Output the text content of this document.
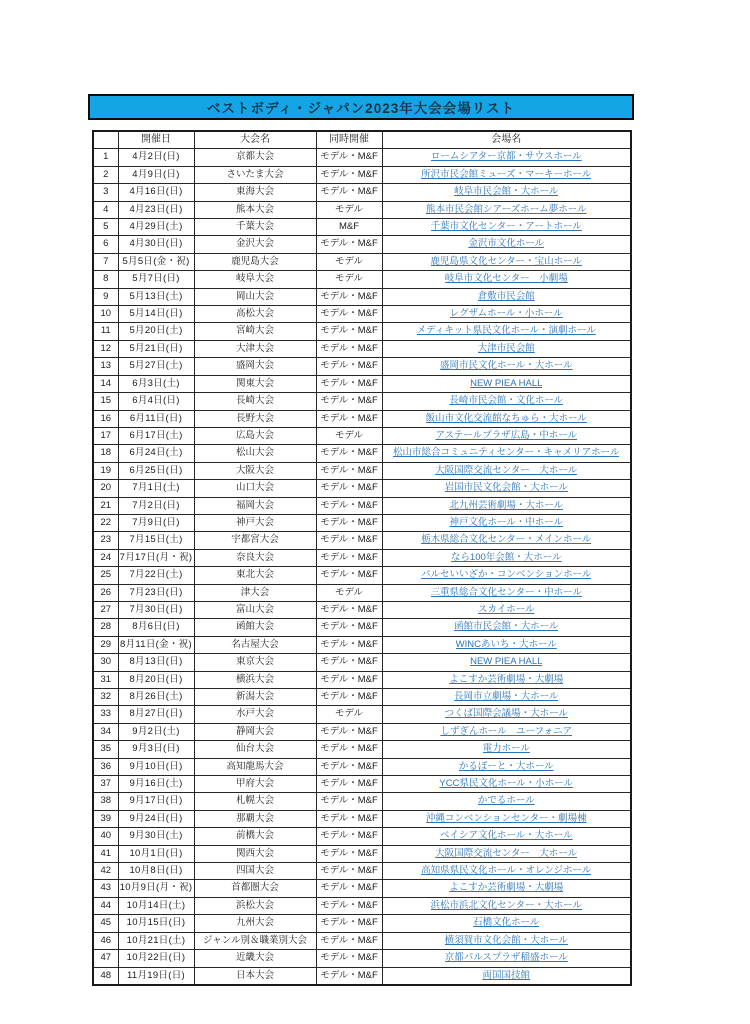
ベストボディ・ジャパン2023年大会会場リスト
	開催日	大会名	同時開催	会場名
1	4月2日(日)	京都大会	モデル・M&F	ロームシアター京都・サウスホール
2	4月9日(日)	さいたま大会	モデル・M&F	所沢市民会館ミューズ・マーキーホール
3	4月16日(日)	東海大会	モデル・M&F	岐阜市民会館・大ホール
4	4月23日(日)	熊本大会	モデル	熊本市民会館シアーズホーム夢ホール
5	4月29日(土)	千葉大会	M&F	千葉市文化センター・アートホール
6	4月30日(日)	金沢大会	モデル・M&F	金沢市文化ホール
7	5月5日(金・祝)	鹿児島大会	モデル	鹿児島県文化センター・宝山ホール
8	5月7日(日)	岐阜大会	モデル	岐阜市文化センター　小劇場
9	5月13日(土)	岡山大会	モデル・M&F	倉敷市民会館
10	5月14日(日)	高松大会	モデル・M&F	レグザムホール・小ホール
11	5月20日(土)	宮崎大会	モデル・M&F	メディキット県民文化ホール・演劇ホール
12	5月21日(日)	大津大会	モデル・M&F	大津市民会館
13	5月27日(土)	盛岡大会	モデル・M&F	盛岡市民文化ホール・大ホール
14	6月3日(土)	関東大会	モデル・M&F	NEW PIEA HALL
15	6月4日(日)	長崎大会	モデル・M&F	長崎市民会館・文化ホール
16	6月11日(日)	長野大会	モデル・M&F	飯山市文化交流館なちゅら・大ホール
17	6月17日(土)	広島大会	モデル	アステールプラザ広島・中ホール
18	6月24日(土)	松山大会	モデル・M&F	松山市総合コミュニティセンター・キャメリアホール
19	6月25日(日)	大阪大会	モデル・M&F	大阪国際交流センター　大ホール
20	7月1日(土)	山口大会	モデル・M&F	岩国市民文化会館・大ホール
21	7月2日(日)	福岡大会	モデル・M&F	北九州芸術劇場・大ホール
22	7月9日(日)	神戸大会	モデル・M&F	神戸文化ホール・中ホール
23	7月15日(土)	宇都宮大会	モデル・M&F	栃木県総合文化センター・メインホール
24	7月17日(月・祝)	奈良大会	モデル・M&F	なら100年会館・大ホール
25	7月22日(土)	東北大会	モデル・M&F	パルセいいざか・コンベンションホール
26	7月23日(日)	津大会	モデル	三重県総合文化センター・中ホール
27	7月30日(日)	富山大会	モデル・M&F	スカイホール
28	8月6日(日)	函館大会	モデル・M&F	函館市民会館・大ホール
29	8月11日(金・祝)	名古屋大会	モデル・M&F	WINCあいち・大ホール
30	8月13日(日)	東京大会	モデル・M&F	NEW PIEA HALL
31	8月20日(日)	横浜大会	モデル・M&F	よこすか芸術劇場・大劇場
32	8月26日(土)	新潟大会	モデル・M&F	長岡市立劇場・大ホール
33	8月27日(日)	水戸大会	モデル	つくば国際会議場・大ホール
34	9月2日(土)	静岡大会	モデル・M&F	しずぎんホール　ユーフォニア
35	9月3日(日)	仙台大会	モデル・M&F	電力ホール
36	9月10日(日)	高知龍馬大会	モデル・M&F	かるぽーと・大ホール
37	9月16日(土)	甲府大会	モデル・M&F	YCC県民文化ホール・小ホール
38	9月17日(日)	札幌大会	モデル・M&F	かでるホール
39	9月24日(日)	那覇大会	モデル・M&F	沖縄コンベンションセンター・劇場棟
40	9月30日(土)	前橋大会	モデル・M&F	ベイシア文化ホール・大ホール
41	10月1日(日)	関西大会	モデル・M&F	大阪国際交流センター　大ホール
42	10月8日(日)	四国大会	モデル・M&F	高知県県民文化ホール・オレンジホール
43	10月9日(月・祝)	首都圏大会	モデル・M&F	よこすか芸術劇場・大劇場
44	10月14日(土)	浜松大会	モデル・M&F	浜松市浜北文化センター・大ホール
45	10月15日(日)	九州大会	モデル・M&F	石橋文化ホール
46	10月21日(土)	ジャンル別＆職業別大会	モデル・M&F	横須賀市文化会館・大ホール
47	10月22日(日)	近畿大会	モデル・M&F	京都パルスプラザ稲盛ホール
48	11月19日(日)	日本大会	モデル・M&F	両国国技館
